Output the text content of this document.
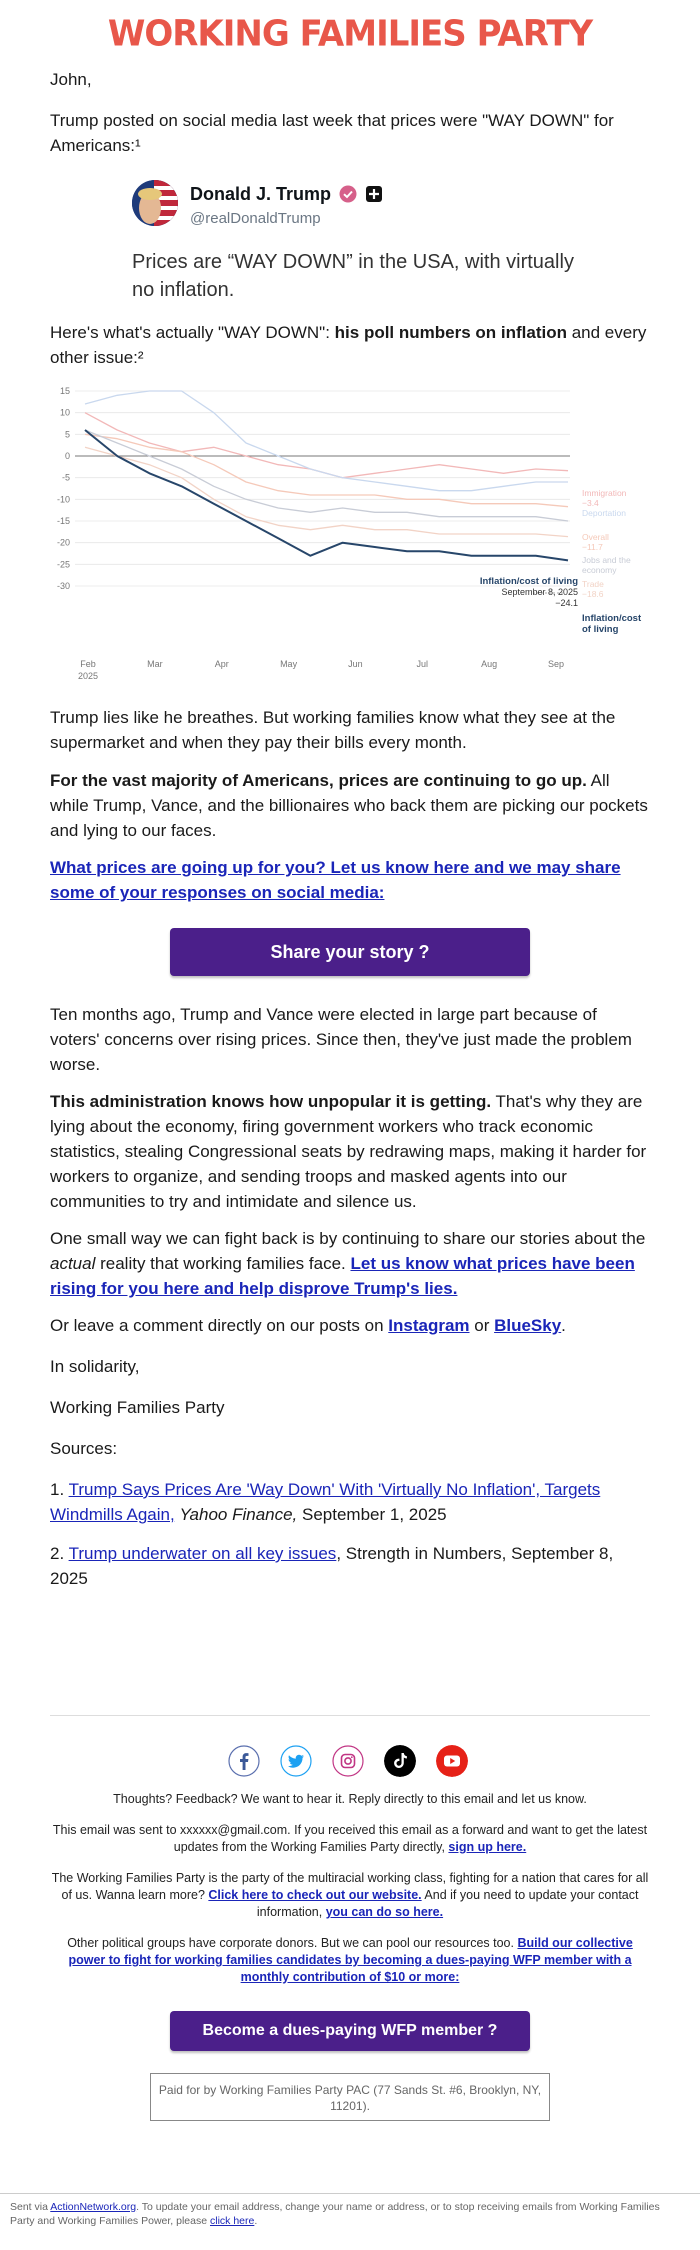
WORKING FAMILIES PARTY

John,

Trump posted on social media last week that prices were "WAY DOWN" for Americans:¹

Donald J. Trump
@realDonaldTrump
Prices are “WAY DOWN” in the USA, with virtually no inflation.

Here's what's actually "WAY DOWN": his poll numbers on inflation and every other issue:²

15
10
5
0
-5
-10
-15
-20
-25
-30
Feb	Mar	Apr	May	Jun	Jul	Aug	Sep
2025
Inflation/cost of living
September 8, 2025
−24.1
Immigration
−3.4
Deportation
Overall
−11.7
Jobs and the
economy
Trade
−18.6
Inflation/cost
of living

Trump lies like he breathes. But working families know what they see at the supermarket and when they pay their bills every month.

For the vast majority of Americans, prices are continuing to go up. All while Trump, Vance, and the billionaires who back them are picking our pockets and lying to our faces.

What prices are going up for you? Let us know here and we may share some of your responses on social media:

Share your story ?

Ten months ago, Trump and Vance were elected in large part because of voters' concerns over rising prices. Since then, they've just made the problem worse.

This administration knows how unpopular it is getting. That's why they are lying about the economy, firing government workers who track economic statistics, stealing Congressional seats by redrawing maps, making it harder for workers to organize, and sending troops and masked agents into our communities to try and intimidate and silence us.

One small way we can fight back is by continuing to share our stories about the actual reality that working families face. Let us know what prices have been rising for you here and help disprove Trump's lies.

Or leave a comment directly on our posts on Instagram or BlueSky.

In solidarity,

Working Families Party

Sources:

1. Trump Says Prices Are 'Way Down' With 'Virtually No Inflation', Targets Windmills Again, Yahoo Finance, September 1, 2025

2. Trump underwater on all key issues, Strength in Numbers, September 8, 2025

Thoughts? Feedback? We want to hear it. Reply directly to this email and let us know.
This email was sent to xxxxxx@gmail.com. If you received this email as a forward and want to get the latest updates from the Working Families Party directly, sign up here.
The Working Families Party is the party of the multiracial working class, fighting for a nation that cares for all of us. Wanna learn more? Click here to check out our website. And if you need to update your contact information, you can do so here.
Other political groups have corporate donors. But we can pool our resources too. Build our collective power to fight for working families candidates by becoming a dues-paying WFP member with a monthly contribution of $10 or more:
Become a dues-paying WFP member ?
Paid for by Working Families Party PAC (77 Sands St. #6, Brooklyn, NY, 11201).
Sent via ActionNetwork.org. To update your email address, change your name or address, or to stop receiving emails from Working Families Party and Working Families Power, please click here.
